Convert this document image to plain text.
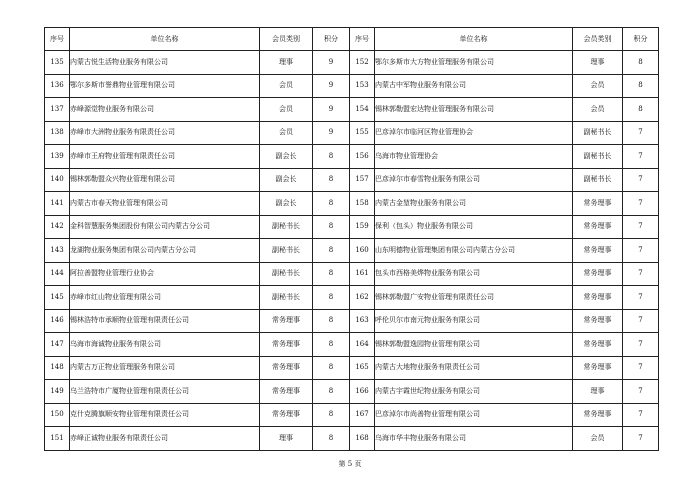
序号	单位名称	会员类别	积分	序号	单位名称	会员类别	积分
135	内蒙古悦生活物业服务有限公司	理事	9	152	鄂尔多斯市大方物业管理服务有限公司	理事	8
136	鄂尔多斯市誉鼎物业管理有限公司	会员	9	153	内蒙古中军物业服务有限公司	会员	8
137	赤峰源觉物业服务有限公司	会员	9	154	锡林郭勒盟宏达物业管理服务有限公司	会员	8
138	赤峰市大洲物业服务有限责任公司	会员	9	155	巴彦淖尔市临河区物业管理协会	副秘书长	7
139	赤峰市王府物业管理有限责任公司	副会长	8	156	乌海市物业管理协会	副秘书长	7
140	锡林郭勒盟众兴物业管理有限公司	副会长	8	157	巴彦淖尔市春雪物业服务有限公司	副秘书长	7
141	内蒙古市春天物业管理有限公司	副会长	8	158	内蒙古金堃物业服务有限公司	常务理事	7
142	金科智慧服务集团股份有限公司内蒙古分公司	副秘书长	8	159	保利（包头）物业服务有限公司	常务理事	7
143	龙湖物业服务集团有限公司内蒙古分公司	副秘书长	8	160	山东明德物业管理集团有限公司内蒙古分公司	常务理事	7
144	阿拉善盟物业管理行业协会	副秘书长	8	161	包头市西格美烨物业服务有限公司	常务理事	7
145	赤峰市红山物业管理有限公司	副秘书长	8	162	锡林郭勒盟广安物业管理有限责任公司	常务理事	7
146	锡林浩特市承顺物业管理有限责任公司	常务理事	8	163	呼伦贝尔市南元物业服务有限公司	常务理事	7
147	乌海市海诚物业服务有限公司	常务理事	8	164	锡林郭勒盟逸园物业管理有限公司	常务理事	7
148	内蒙古万正物业管理服务有限公司	常务理事	8	165	内蒙古大地物业服务有限责任公司	常务理事	7
149	乌兰浩特市广厦物业管理有限责任公司	常务理事	8	166	内蒙古宇霞世纪物业服务有限公司	理事	7
150	克什克腾旗顺安物业管理有限责任公司	常务理事	8	167	巴彦淖尔市尚善物业管理有限公司	常务理事	7
151	赤峰正诚物业服务有限责任公司	理事	8	168	乌海市华丰物业服务有限公司	会员	7
第 5 页
